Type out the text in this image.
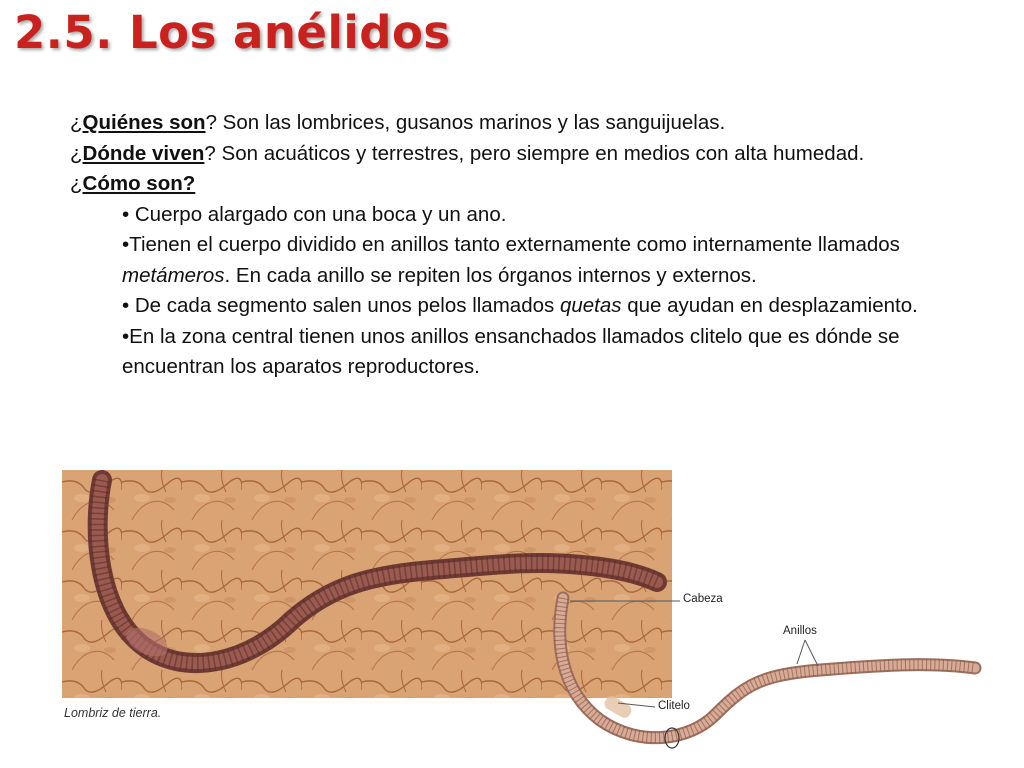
2.5. Los anélidos

¿Quiénes son? Son las lombrices, gusanos marinos y las sanguijuelas.

¿Dónde viven? Son acuáticos y terrestres, pero siempre en medios con alta humedad.

¿Cómo son?

• Cuerpo alargado con una boca y un ano.

•Tienen el cuerpo dividido en anillos tanto externamente como internamente llamados metámeros. En cada anillo se repiten los órganos internos y externos.

• De cada segmento salen unos pelos llamados quetas que ayudan en desplazamiento.

•En la zona central tienen unos anillos ensanchados llamados clitelo que es dónde se encuentran los aparatos reproductores.

Lombriz de tierra.
Cabeza
Anillos
Clitelo
